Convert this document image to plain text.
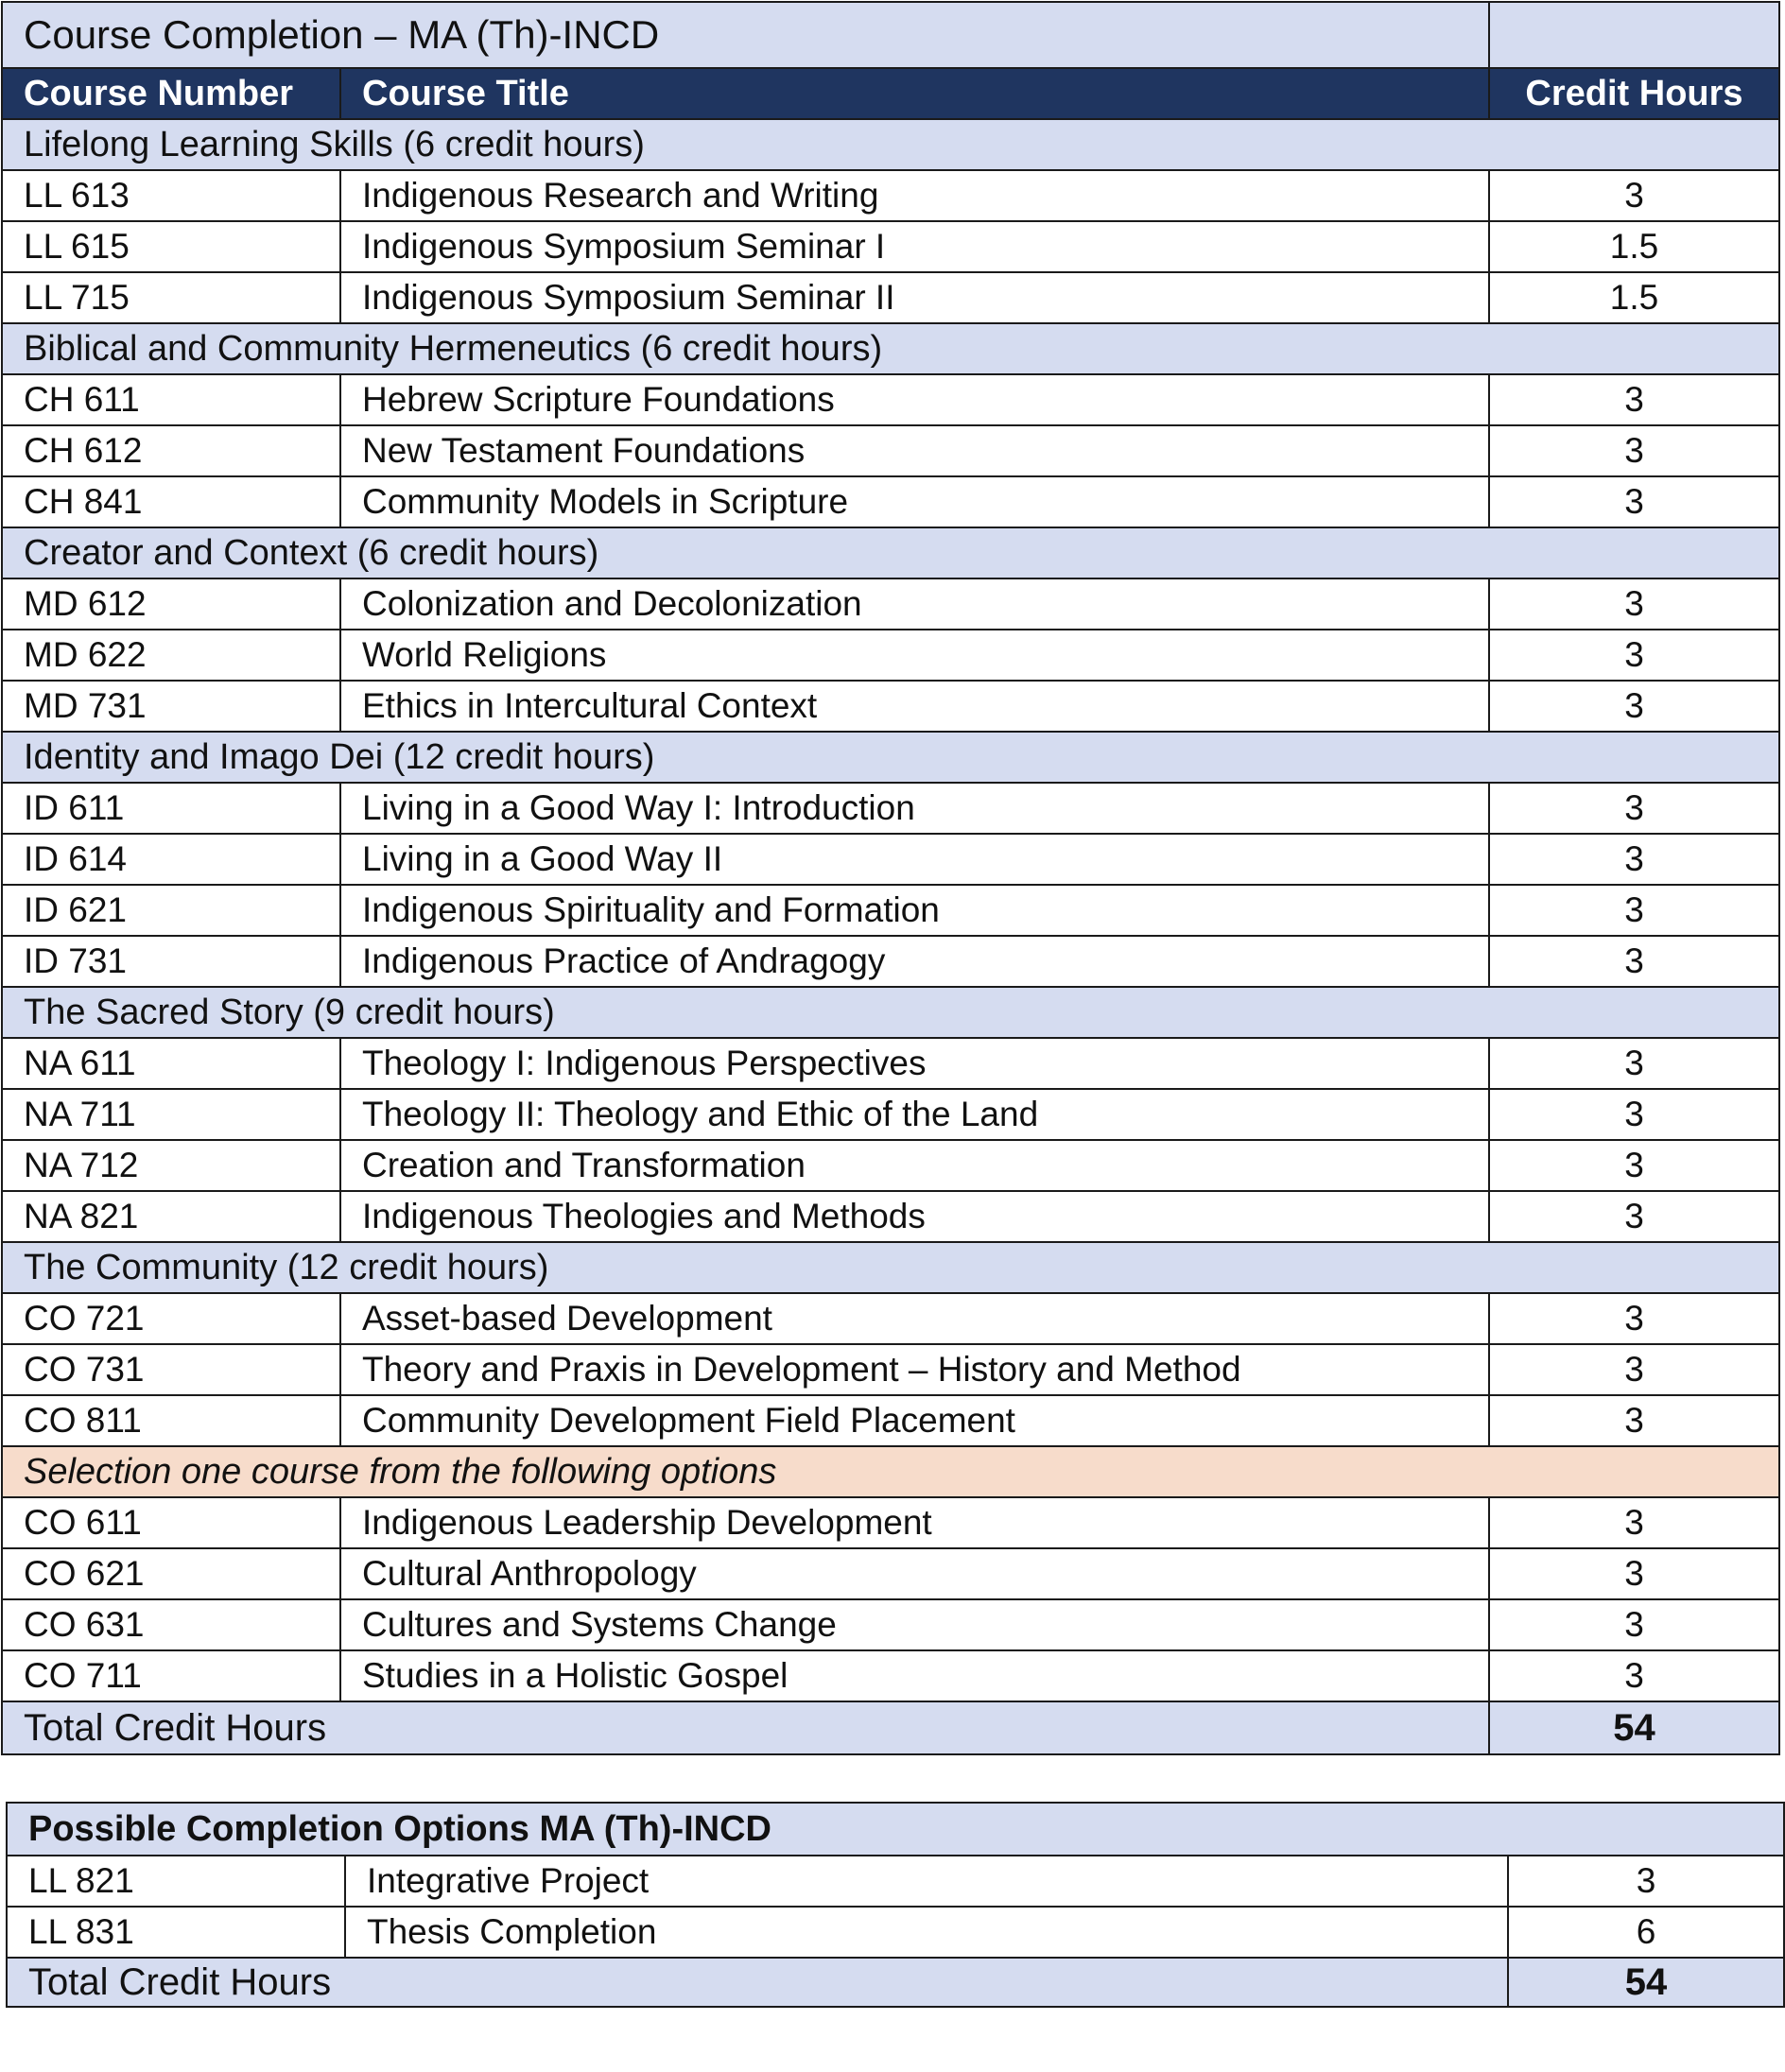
Course Completion – MA (Th)-INCD		
Course Number	Course Title	Credit Hours
Lifelong Learning Skills (6 credit hours)		
LL 613	Indigenous Research and Writing	3
LL 615	Indigenous Symposium Seminar I	1.5
LL 715	Indigenous Symposium Seminar II	1.5
Biblical and Community Hermeneutics (6 credit hours)		
CH 611	Hebrew Scripture Foundations	3
CH 612	New Testament Foundations	3
CH 841	Community Models in Scripture	3
Creator and Context (6 credit hours)		
MD 612	Colonization and Decolonization	3
MD 622	World Religions	3
MD 731	Ethics in Intercultural Context	3
Identity and Imago Dei (12 credit hours)		
ID 611	Living in a Good Way I: Introduction	3
ID 614	Living in a Good Way II	3
ID 621	Indigenous Spirituality and Formation	3
ID 731	Indigenous Practice of Andragogy	3
The Sacred Story (9 credit hours)		
NA 611	Theology I: Indigenous Perspectives	3
NA 711	Theology II: Theology and Ethic of the Land	3
NA 712	Creation and Transformation	3
NA 821	Indigenous Theologies and Methods	3
The Community (12 credit hours)		
CO 721	Asset-based Development	3
CO 731	Theory and Praxis in Development – History and Method	3
CO 811	Community Development Field Placement	3
Selection one course from the following options		
CO 611	Indigenous Leadership Development	3
CO 621	Cultural Anthropology	3
CO 631	Cultures and Systems Change	3
CO 711	Studies in a Holistic Gospel	3
Total Credit Hours		54
Possible Completion Options MA (Th)-INCD		
LL 821	Integrative Project	3
LL 831	Thesis Completion	6
Total Credit Hours		54
